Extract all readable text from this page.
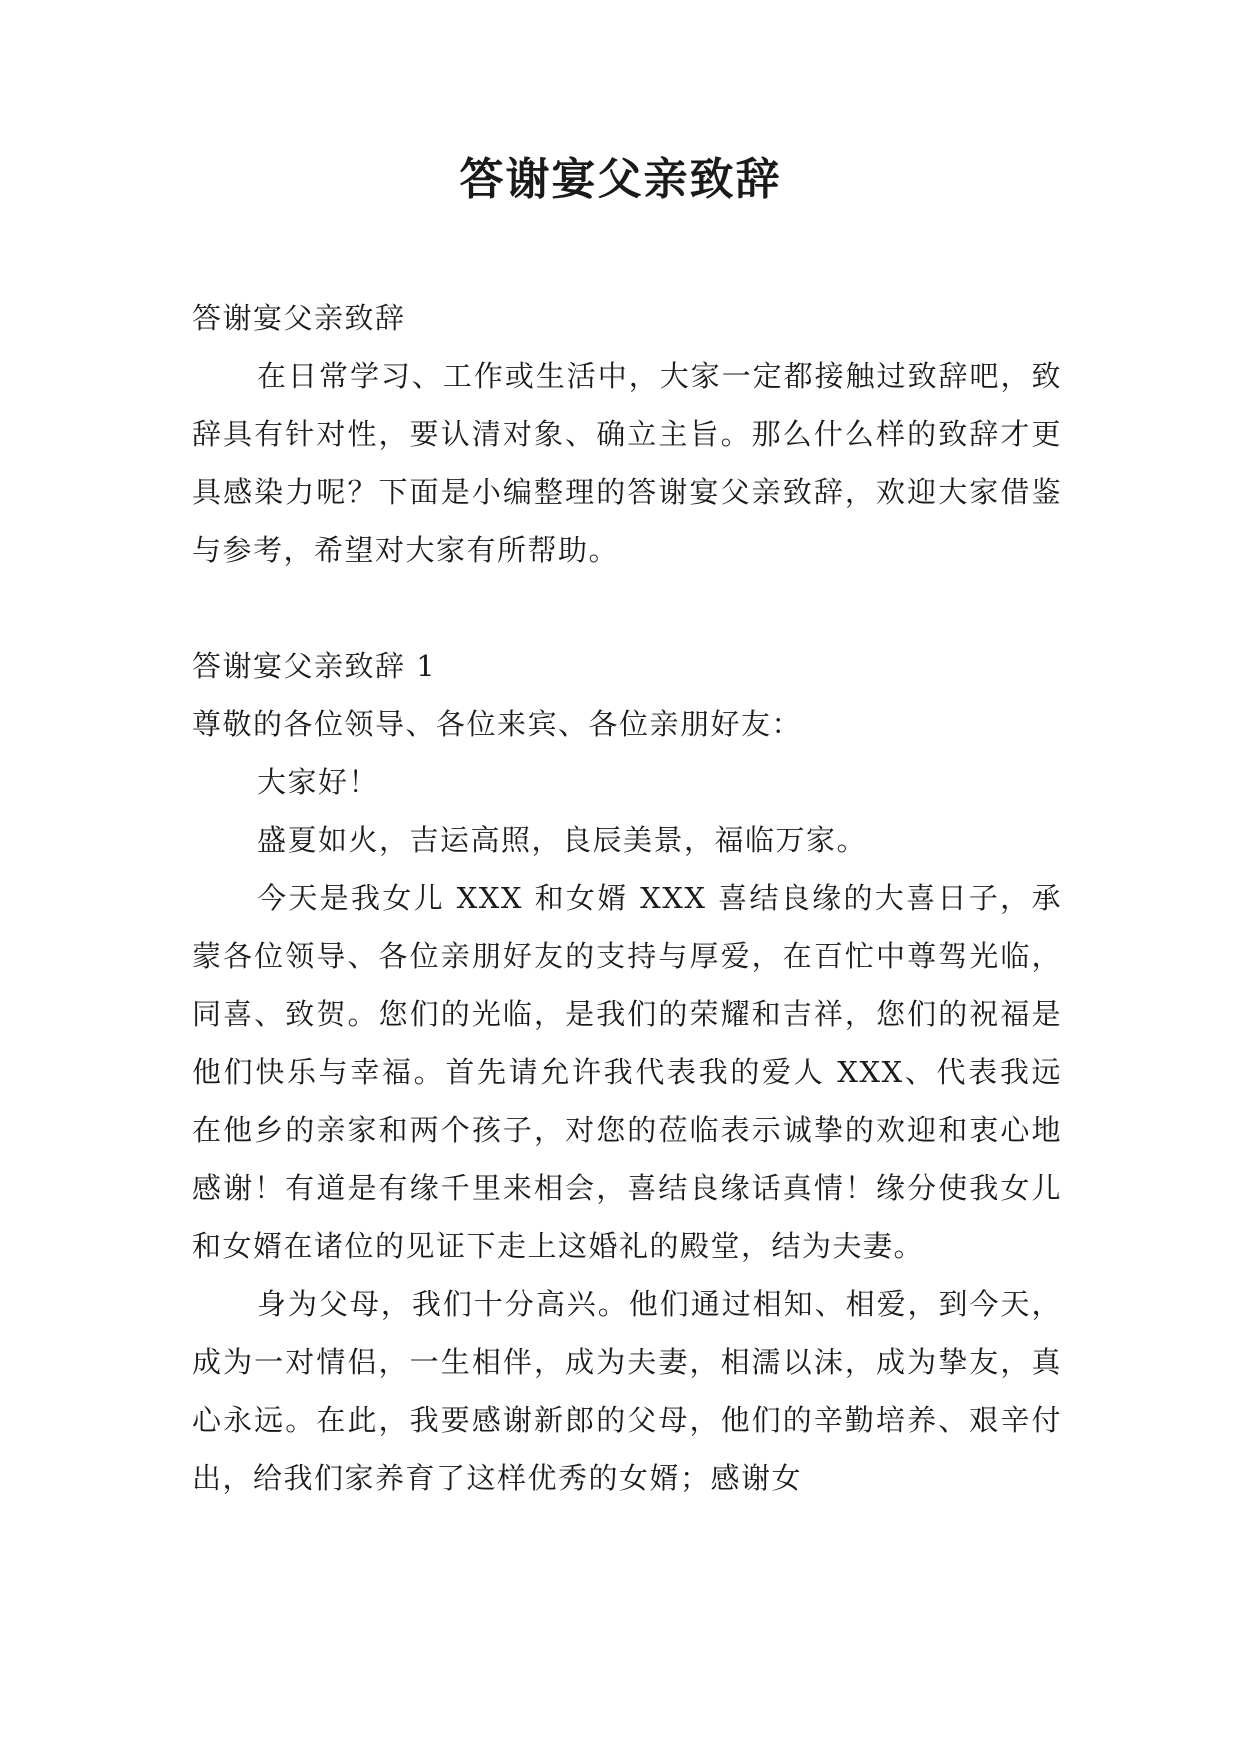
答谢宴父亲致辞

答谢宴父亲致辞

在日常学习、工作或生活中，大家一定都接触过致辞吧，致辞具有针对性，要认清对象、确立主旨。那么什么样的致辞才更具感染力呢？下面是小编整理的答谢宴父亲致辞，欢迎大家借鉴与参考，希望对大家有所帮助。

答谢宴父亲致辞 1

尊敬的各位领导、各位来宾、各位亲朋好友：

大家好！

盛夏如火，吉运高照，良辰美景，福临万家。

今天是我女儿 XXX 和女婿 XXX 喜结良缘的大喜日子，承蒙各位领导、各位亲朋好友的支持与厚爱，在百忙中尊驾光临，同喜、致贺。您们的光临，是我们的荣耀和吉祥，您们的祝福是他们快乐与幸福。首先请允许我代表我的爱人 XXX、代表我远在他乡的亲家和两个孩子，对您的莅临表示诚挚的欢迎和衷心地感谢！有道是有缘千里来相会，喜结良缘话真情！缘分使我女儿和女婿在诸位的见证下走上这婚礼的殿堂，结为夫妻。

身为父母，我们十分高兴。他们通过相知、相爱，到今天，成为一对情侣，一生相伴，成为夫妻，相濡以沫，成为挚友，真心永远。在此，我要感谢新郎的父母，他们的辛勤培养、艰辛付出，给我们家养育了这样优秀的女婿；感谢女
